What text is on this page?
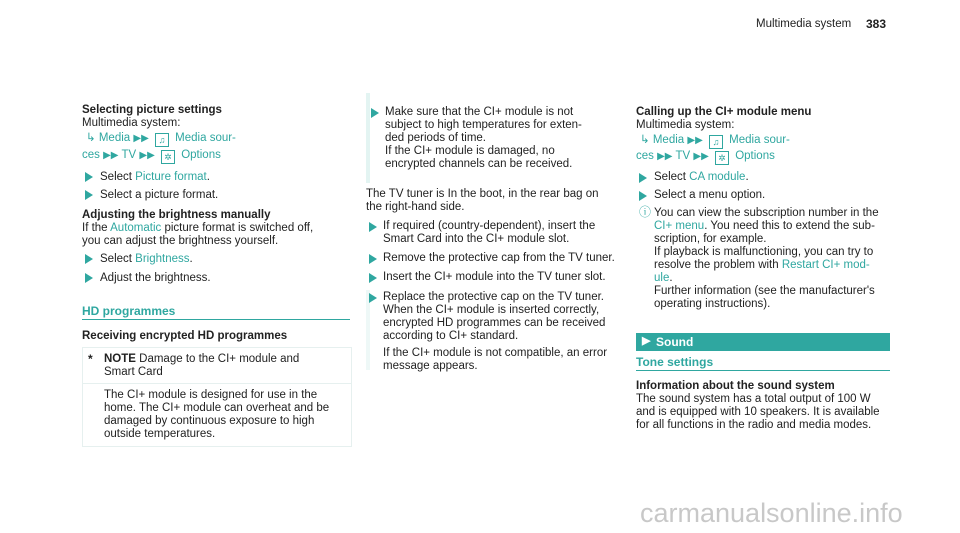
Multimedia system 383
Selecting picture settings
Multimedia system:
↳ Media ▶▶ ♫ Media sour-
ces ▶▶ TV ▶▶ ✲ Options
Select Picture format.
Select a picture format.
Adjusting the brightness manually
If the Automatic picture format is switched off,
you can adjust the brightness yourself.
Select Brightness.
Adjust the brightness.
HD programmes
Receiving encrypted HD programmes
* NOTE Damage to the CI+ module and
Smart Card
The CI+ module is designed for use in the
home. The CI+ module can overheat and be
damaged by continuous exposure to high
outside temperatures.
Make sure that the CI+ module is not
subject to high temperatures for exten-
ded periods of time.
If the CI+ module is damaged, no
encrypted channels can be received.
The TV tuner is In the boot, in the rear bag on
the right-hand side.
If required (country-dependent), insert the
Smart Card into the CI+ module slot.
Remove the protective cap from the TV tuner.
Insert the CI+ module into the TV tuner slot.
Replace the protective cap on the TV tuner.
When the CI+ module is inserted correctly,
encrypted HD programmes can be received
according to CI+ standard.
If the CI+ module is not compatible, an error
message appears.
Calling up the CI+ module menu
Multimedia system:
↳ Media ▶▶ ♫ Media sour-
ces ▶▶ TV ▶▶ ✲ Options
Select CA module.
Select a menu option.
ⓘ You can view the subscription number in the
CI+ menu. You need this to extend the sub-
scription, for example.
If playback is malfunctioning, you can try to
resolve the problem with Restart CI+ mod-
ule.
Further information (see the manufacturer's
operating instructions).
▶ Sound
Tone settings
Information about the sound system
The sound system has a total output of 100 W
and is equipped with 10 speakers. It is available
for all functions in the radio and media modes.
carmanualsonline.info
